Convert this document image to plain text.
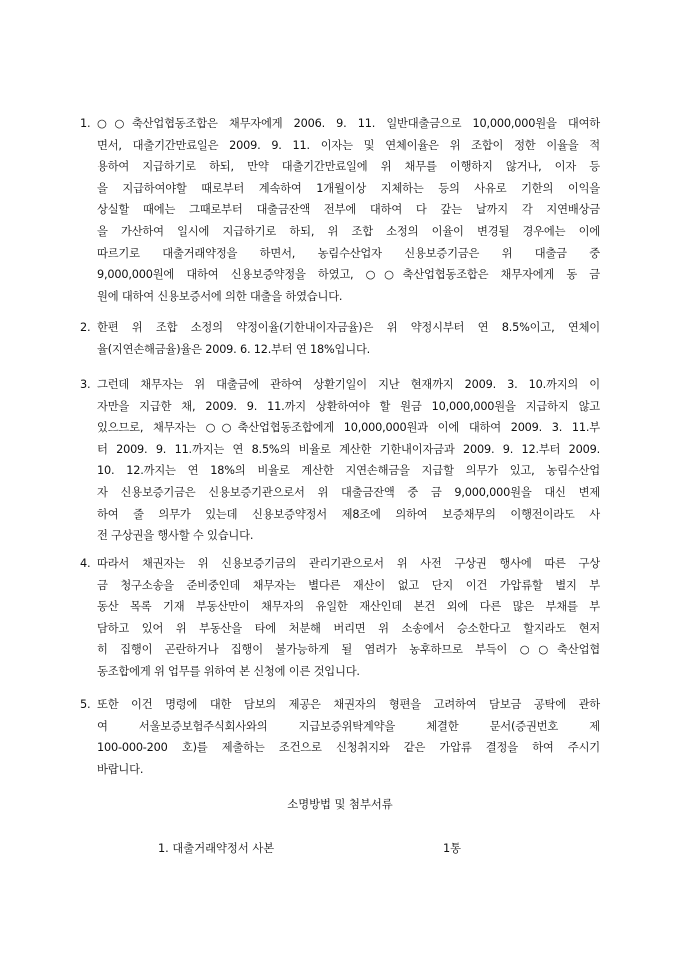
1. ○○축산업협동조합은 채무자에게 2006. 9. 11. 일반대출금으로 10,000,000원을 대여하
면서, 대출기간만료일은 2009. 9. 11. 이자는 및 연체이율은 위 조합이 정한 이율을 적
용하여 지급하기로 하되, 만약 대출기간만료일에 위 채무를 이행하지 않거나, 이자 등
을 지급하여야할 때로부터 계속하여 1개월이상 지체하는 등의 사유로 기한의 이익을
상실할 때에는 그때로부터 대출금잔액 전부에 대하여 다 갚는 날까지 각 지연배상금
을 가산하여 일시에 지급하기로 하되, 위 조합 소정의 이율이 변경될 경우에는 이에
따르기로 대출거래약정을 하면서, 농림수산업자 신용보증기금은 위 대출금 중
9,000,000원에 대하여 신용보증약정을 하였고, ○○축산업협동조합은 채무자에게 동 금
원에 대하여 신용보증서에 의한 대출을 하였습니다.
2. 한편 위 조합 소정의 약정이율(기한내이자금율)은 위 약정시부터 연 8.5%이고, 연체이
율(지연손해금율)율은 2009. 6. 12.부터 연 18%입니다.
3. 그런데 채무자는 위 대출금에 관하여 상환기일이 지난 현재까지 2009. 3. 10.까지의 이
자만을 지급한 채, 2009. 9. 11.까지 상환하여야 할 원금 10,000,000원을 지급하지 않고
있으므로, 채무자는 ○○축산업협동조합에게 10,000,000원과 이에 대하여 2009. 3. 11.부
터 2009. 9. 11.까지는 연 8.5%의 비율로 계산한 기한내이자금과 2009. 9. 12.부터 2009.
10. 12.까지는 연 18%의 비율로 계산한 지연손해금을 지급할 의무가 있고, 농림수산업
자 신용보증기금은 신용보증기관으로서 위 대출금잔액 중 금 9,000,000원을 대신 변제
하여 줄 의무가 있는데 신용보증약정서 제8조에 의하여 보증채무의 이행전이라도 사
전 구상권을 행사할 수 있습니다.
4. 따라서 채권자는 위 신용보증기금의 관리기관으로서 위 사전 구상권 행사에 따른 구상
금 청구소송을 준비중인데 채무자는 별다른 재산이 없고 단지 이건 가압류할 별지 부
동산 목록 기재 부동산만이 채무자의 유일한 재산인데 본건 외에 다른 많은 부채를 부
담하고 있어 위 부동산을 타에 처분해 버리면 위 소송에서 승소한다고 할지라도 현저
히 집행이 곤란하거나 집행이 불가능하게 될 염려가 농후하므로 부득이 ○○축산업협
동조합에게 위 업무를 위하여 본 신청에 이른 것입니다.
5. 또한 이건 명령에 대한 담보의 제공은 채권자의 형편을 고려하여 담보금 공탁에 관하
여 서울보증보험주식회사와의 지급보증위탁계약을 체결한 문서(증권번호 제
100-000-200 호)를 제출하는 조건으로 신청취지와 같은 가압류 결정을 하여 주시기
바랍니다.
소명방법 및 첨부서류
1. 대출거래약정서 사본	1통
